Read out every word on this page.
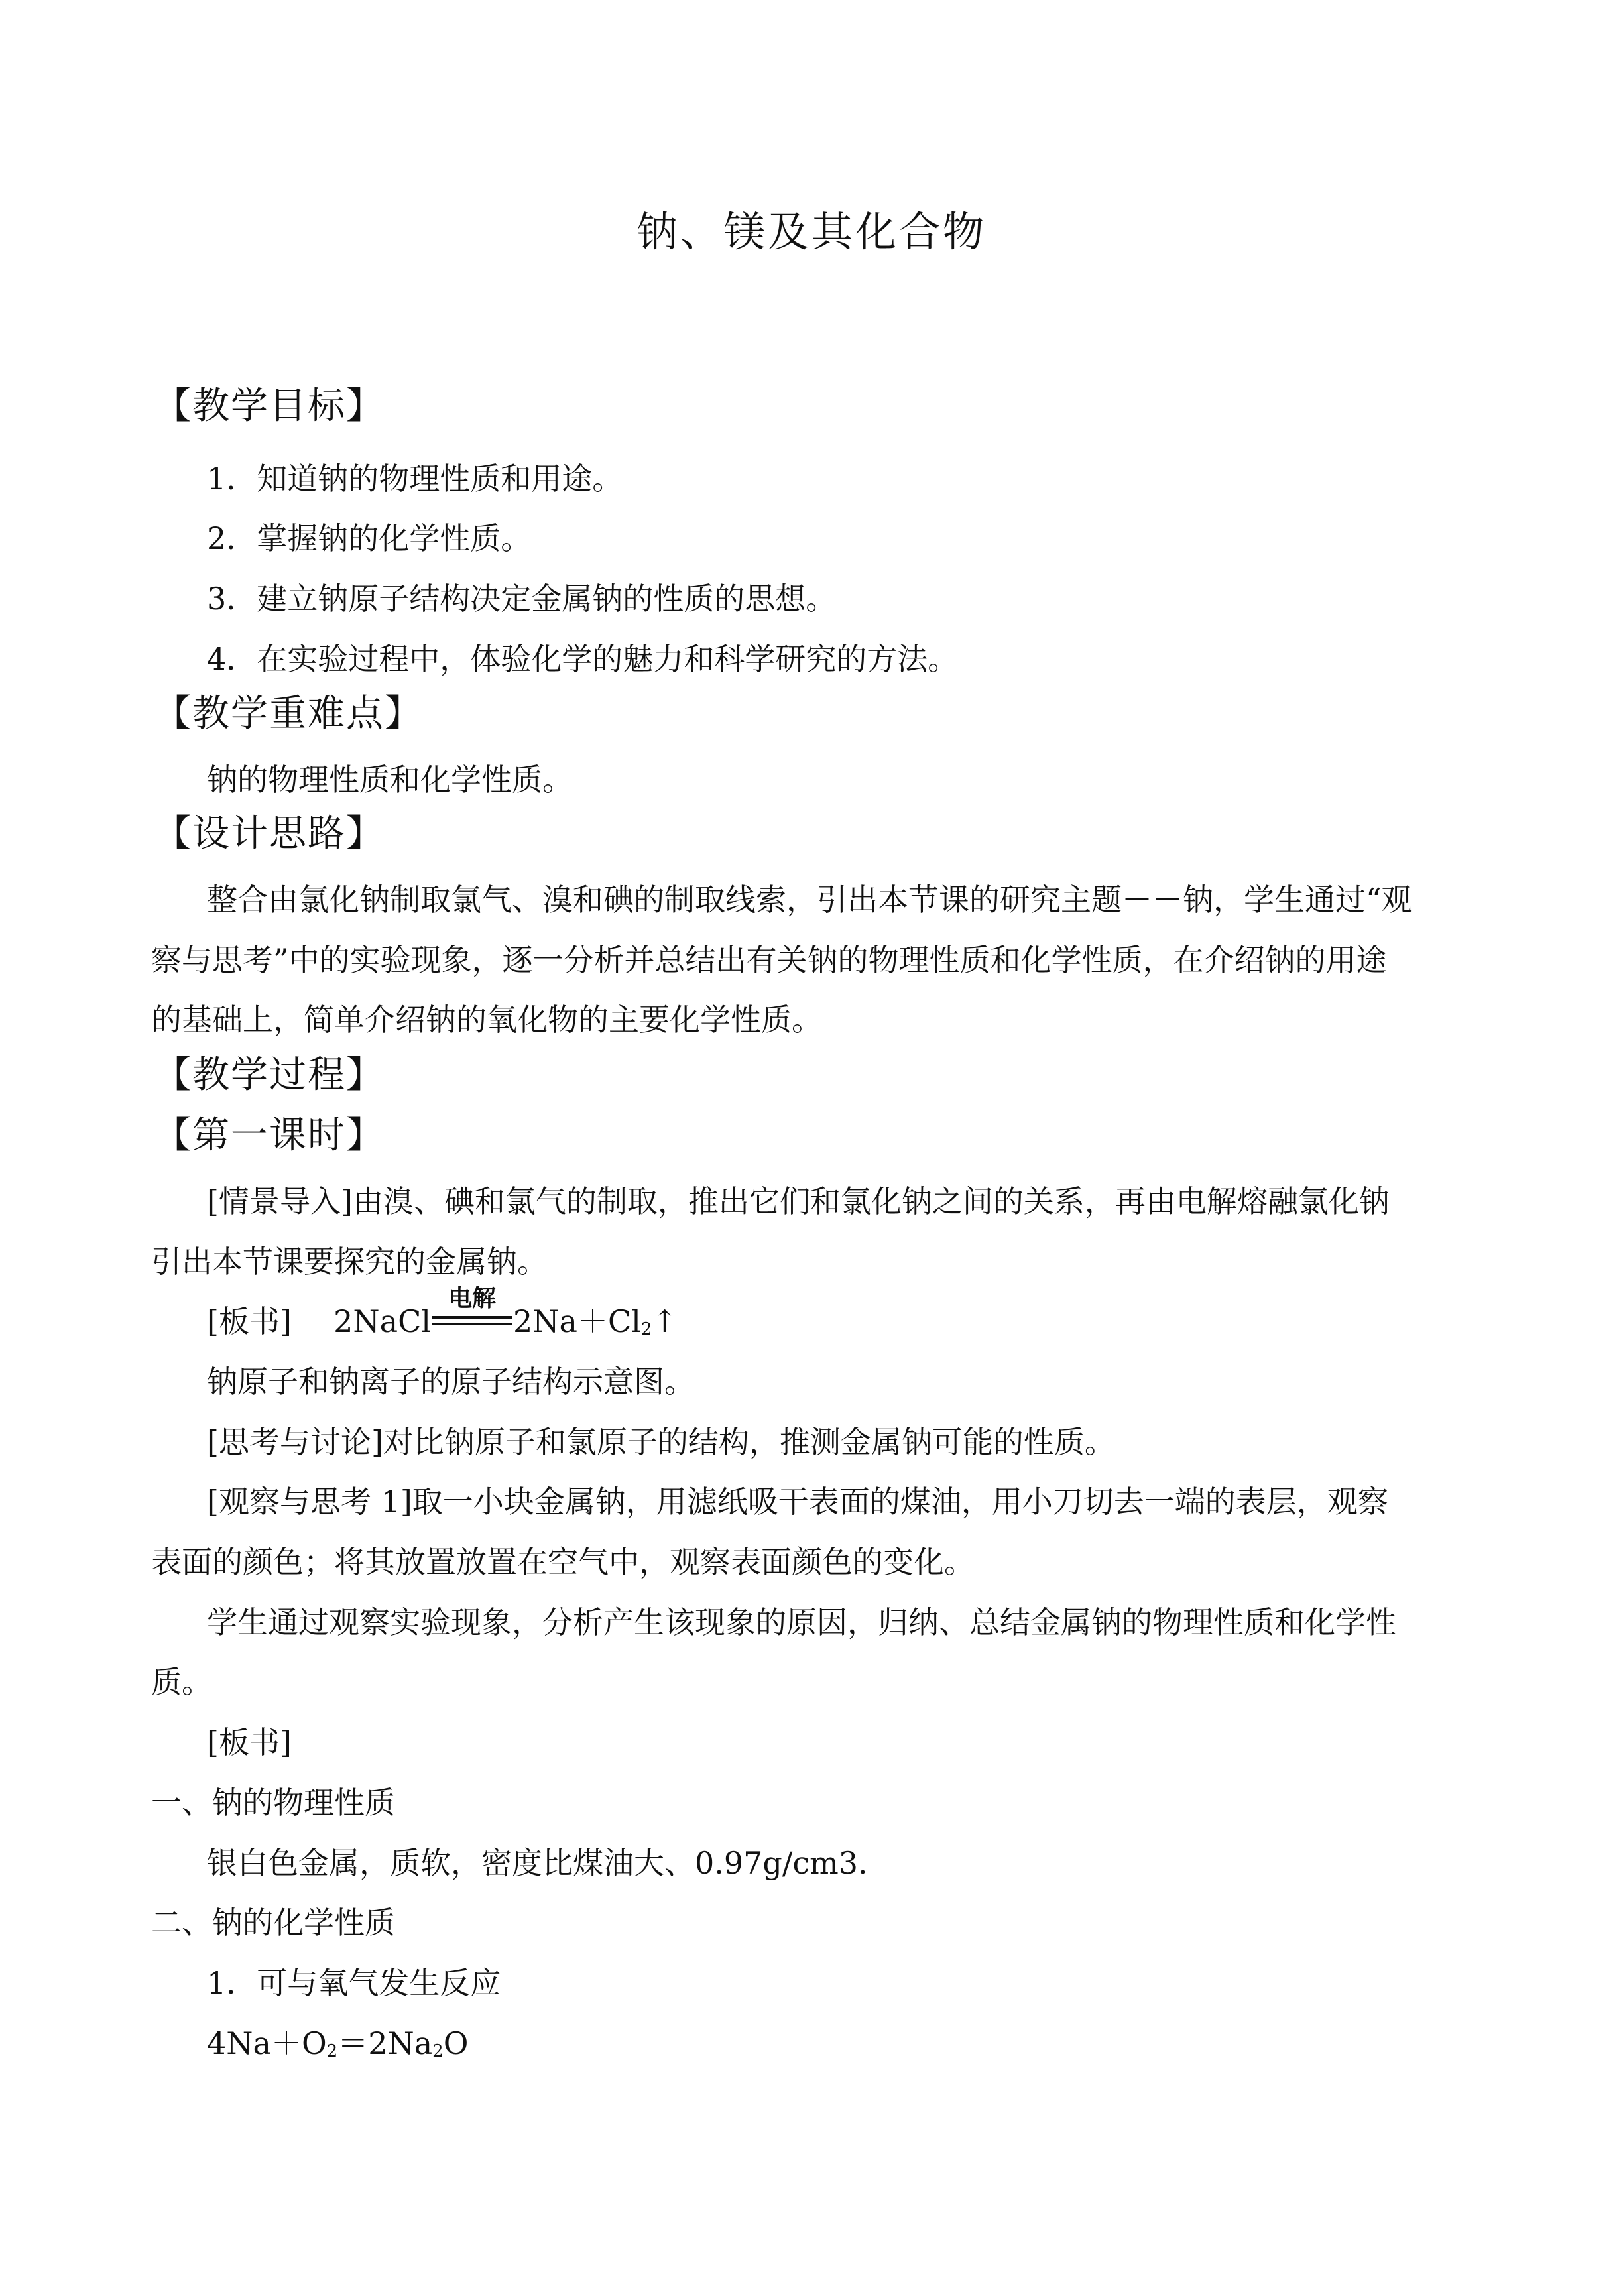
钠、镁及其化合物
【教学目标】
1．知道钠的物理性质和用途。
2．掌握钠的化学性质。
3．建立钠原子结构决定金属钠的性质的思想。
4．在实验过程中，体验化学的魅力和科学研究的方法。
【教学重难点】
钠的物理性质和化学性质。
【设计思路】
整合由氯化钠制取氯气、溴和碘的制取线索，引出本节课的研究主题－－钠，学生通过“观
察与思考”中的实验现象，逐一分析并总结出有关钠的物理性质和化学性质，在介绍钠的用途
的基础上，简单介绍钠的氧化物的主要化学性质。
【教学过程】
【第一课时】
[情景导入]由溴、碘和氯气的制取，推出它们和氯化钠之间的关系，再由电解熔融氯化钠
引出本节课要探究的金属钠。
[板书] 2NaCl
电解
$2Na+Cl_2↑$
钠原子和钠离子的原子结构示意图。
[思考与讨论]对比钠原子和氯原子的结构，推测金属钠可能的性质。
[观察与思考 1]取一小块金属钠，用滤纸吸干表面的煤油，用小刀切去一端的表层，观察
表面的颜色；将其放置放置在空气中，观察表面颜色的变化。
学生通过观察实验现象，分析产生该现象的原因，归纳、总结金属钠的物理性质和化学性
质。
[板书]
一、钠的物理性质
银白色金属，质软，密度比煤油大、0.97g/cm3.
二、钠的化学性质
1．可与氧气发生反应
$4Na+O_2=2Na_2O$
